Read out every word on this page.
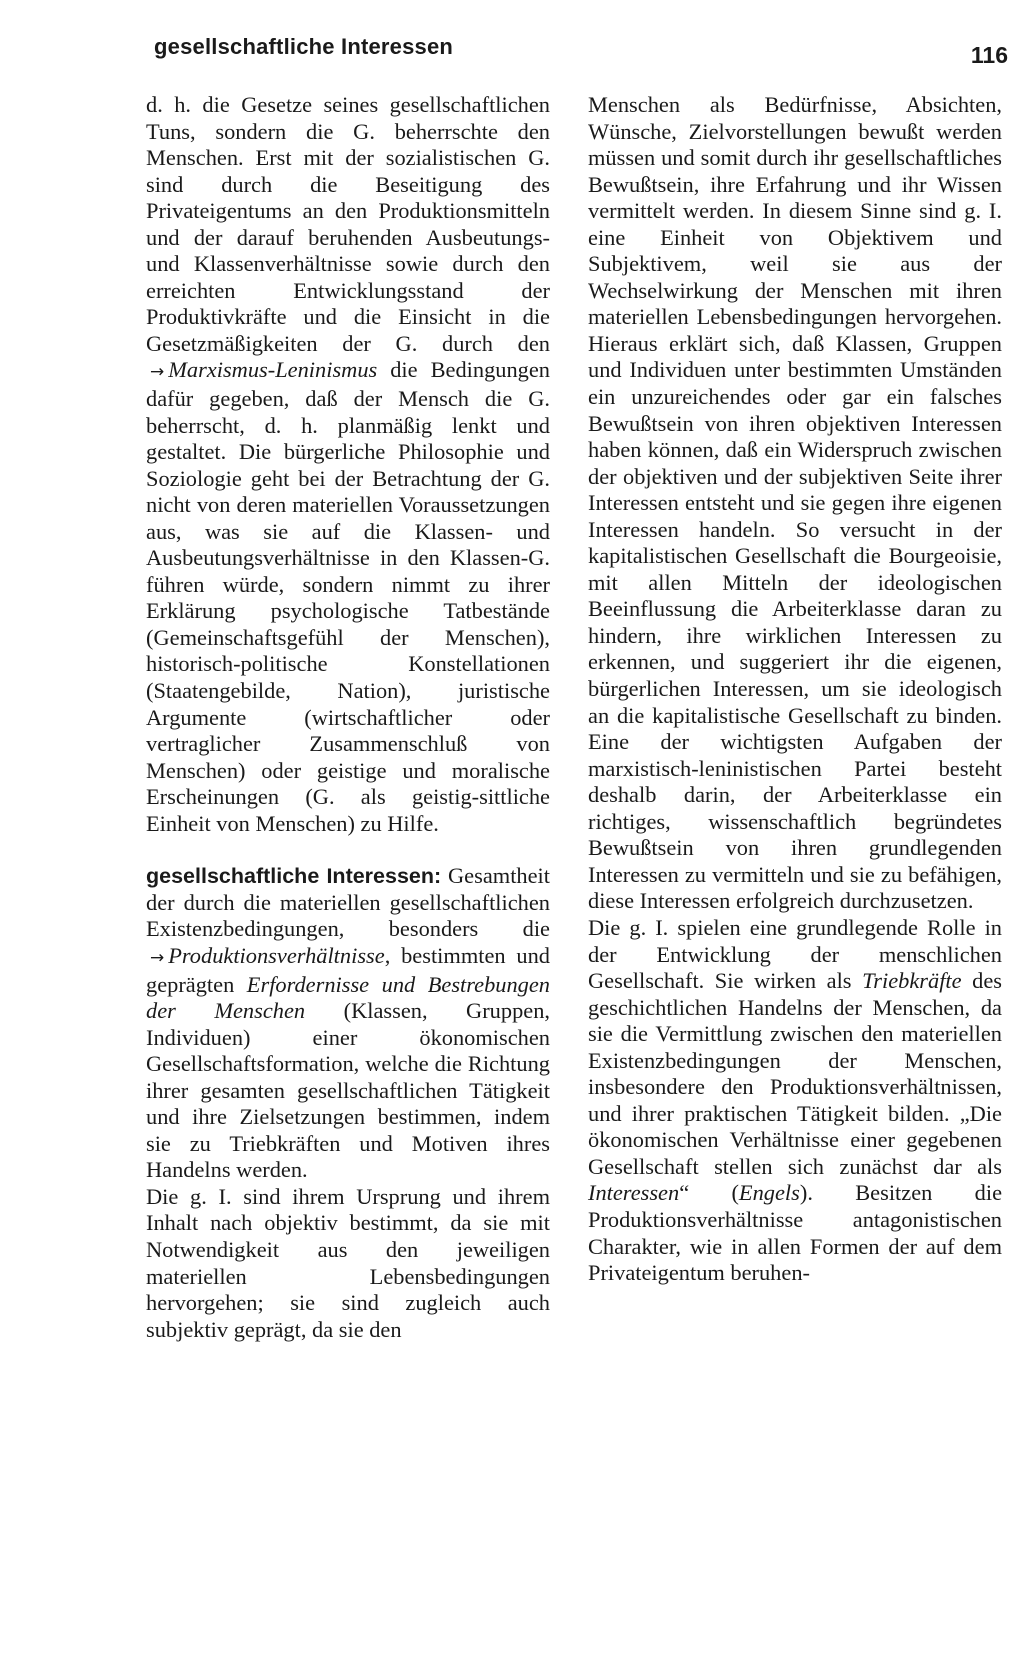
gesellschaftliche Interessen	116

d. h. die Gesetze seines gesellschaftlichen Tuns, sondern die G. beherrschte den Menschen. Erst mit der sozialistischen G. sind durch die Beseitigung des Privateigentums an den Produktionsmitteln und der darauf beruhenden Ausbeutungs- und Klassenverhältnisse sowie durch den erreichten Entwicklungsstand der Produktivkräfte und die Einsicht in die Gesetzmäßigkeiten der G. durch den → Marxismus-Leninismus die Bedingungen dafür gegeben, daß der Mensch die G. beherrscht, d. h. planmäßig lenkt und gestaltet. Die bürgerliche Philosophie und Soziologie geht bei der Betrachtung der G. nicht von deren materiellen Voraussetzungen aus, was sie auf die Klassen- und Ausbeutungsverhältnisse in den Klassen-G. führen würde, sondern nimmt zu ihrer Erklärung psychologische Tatbestände (Gemeinschaftsgefühl der Menschen), historisch-politische Konstellationen (Staatengebilde, Nation), juristische Argumente (wirtschaftlicher oder vertraglicher Zusammenschluß von Menschen) oder geistige und moralische Erscheinungen (G. als geistig-sittliche Einheit von Menschen) zu Hilfe.

gesellschaftliche Interessen: Gesamtheit der durch die materiellen gesellschaftlichen Existenzbedingungen, besonders die → Produktionsverhältnisse, bestimmten und geprägten Erfordernisse und Bestrebungen der Menschen (Klassen, Gruppen, Individuen) einer ökonomischen Gesellschaftsformation, welche die Richtung ihrer gesamten gesellschaftlichen Tätigkeit und ihre Zielsetzungen bestimmen, indem sie zu Triebkräften und Motiven ihres Handelns werden.

Die g. I. sind ihrem Ursprung und ihrem Inhalt nach objektiv bestimmt, da sie mit Notwendigkeit aus den jeweiligen materiellen Lebensbedingungen hervorgehen; sie sind zugleich auch subjektiv geprägt, da sie den

Menschen als Bedürfnisse, Absichten, Wünsche, Zielvorstellungen bewußt werden müssen und somit durch ihr gesellschaftliches Bewußtsein, ihre Erfahrung und ihr Wissen vermittelt werden. In diesem Sinne sind g. I. eine Einheit von Objektivem und Subjektivem, weil sie aus der Wechselwirkung der Menschen mit ihren materiellen Lebensbedingungen hervorgehen. Hieraus erklärt sich, daß Klassen, Gruppen und Individuen unter bestimmten Umständen ein unzureichendes oder gar ein falsches Bewußtsein von ihren objektiven Interessen haben können, daß ein Widerspruch zwischen der objektiven und der subjektiven Seite ihrer Interessen entsteht und sie gegen ihre eigenen Interessen handeln. So versucht in der kapitalistischen Gesellschaft die Bourgeoisie, mit allen Mitteln der ideologischen Beeinflussung die Arbeiterklasse daran zu hindern, ihre wirklichen Interessen zu erkennen, und suggeriert ihr die eigenen, bürgerlichen Interessen, um sie ideologisch an die kapitalistische Gesellschaft zu binden. Eine der wichtigsten Aufgaben der marxistisch-leninistischen Partei besteht deshalb darin, der Arbeiterklasse ein richtiges, wissenschaftlich begründetes Bewußtsein von ihren grundlegenden Interessen zu vermitteln und sie zu befähigen, diese Interessen erfolgreich durchzusetzen.

Die g. I. spielen eine grundlegende Rolle in der Entwicklung der menschlichen Gesellschaft. Sie wirken als Triebkräfte des geschichtlichen Handelns der Menschen, da sie die Vermittlung zwischen den materiellen Existenzbedingungen der Menschen, insbesondere den Produktionsverhältnissen, und ihrer praktischen Tätigkeit bilden. „Die ökonomischen Verhältnisse einer gegebenen Gesellschaft stellen sich zunächst dar als Interessen“ (Engels). Besitzen die Produktionsverhältnisse antagonistischen Charakter, wie in allen Formen der auf dem Privateigentum beruhen-
